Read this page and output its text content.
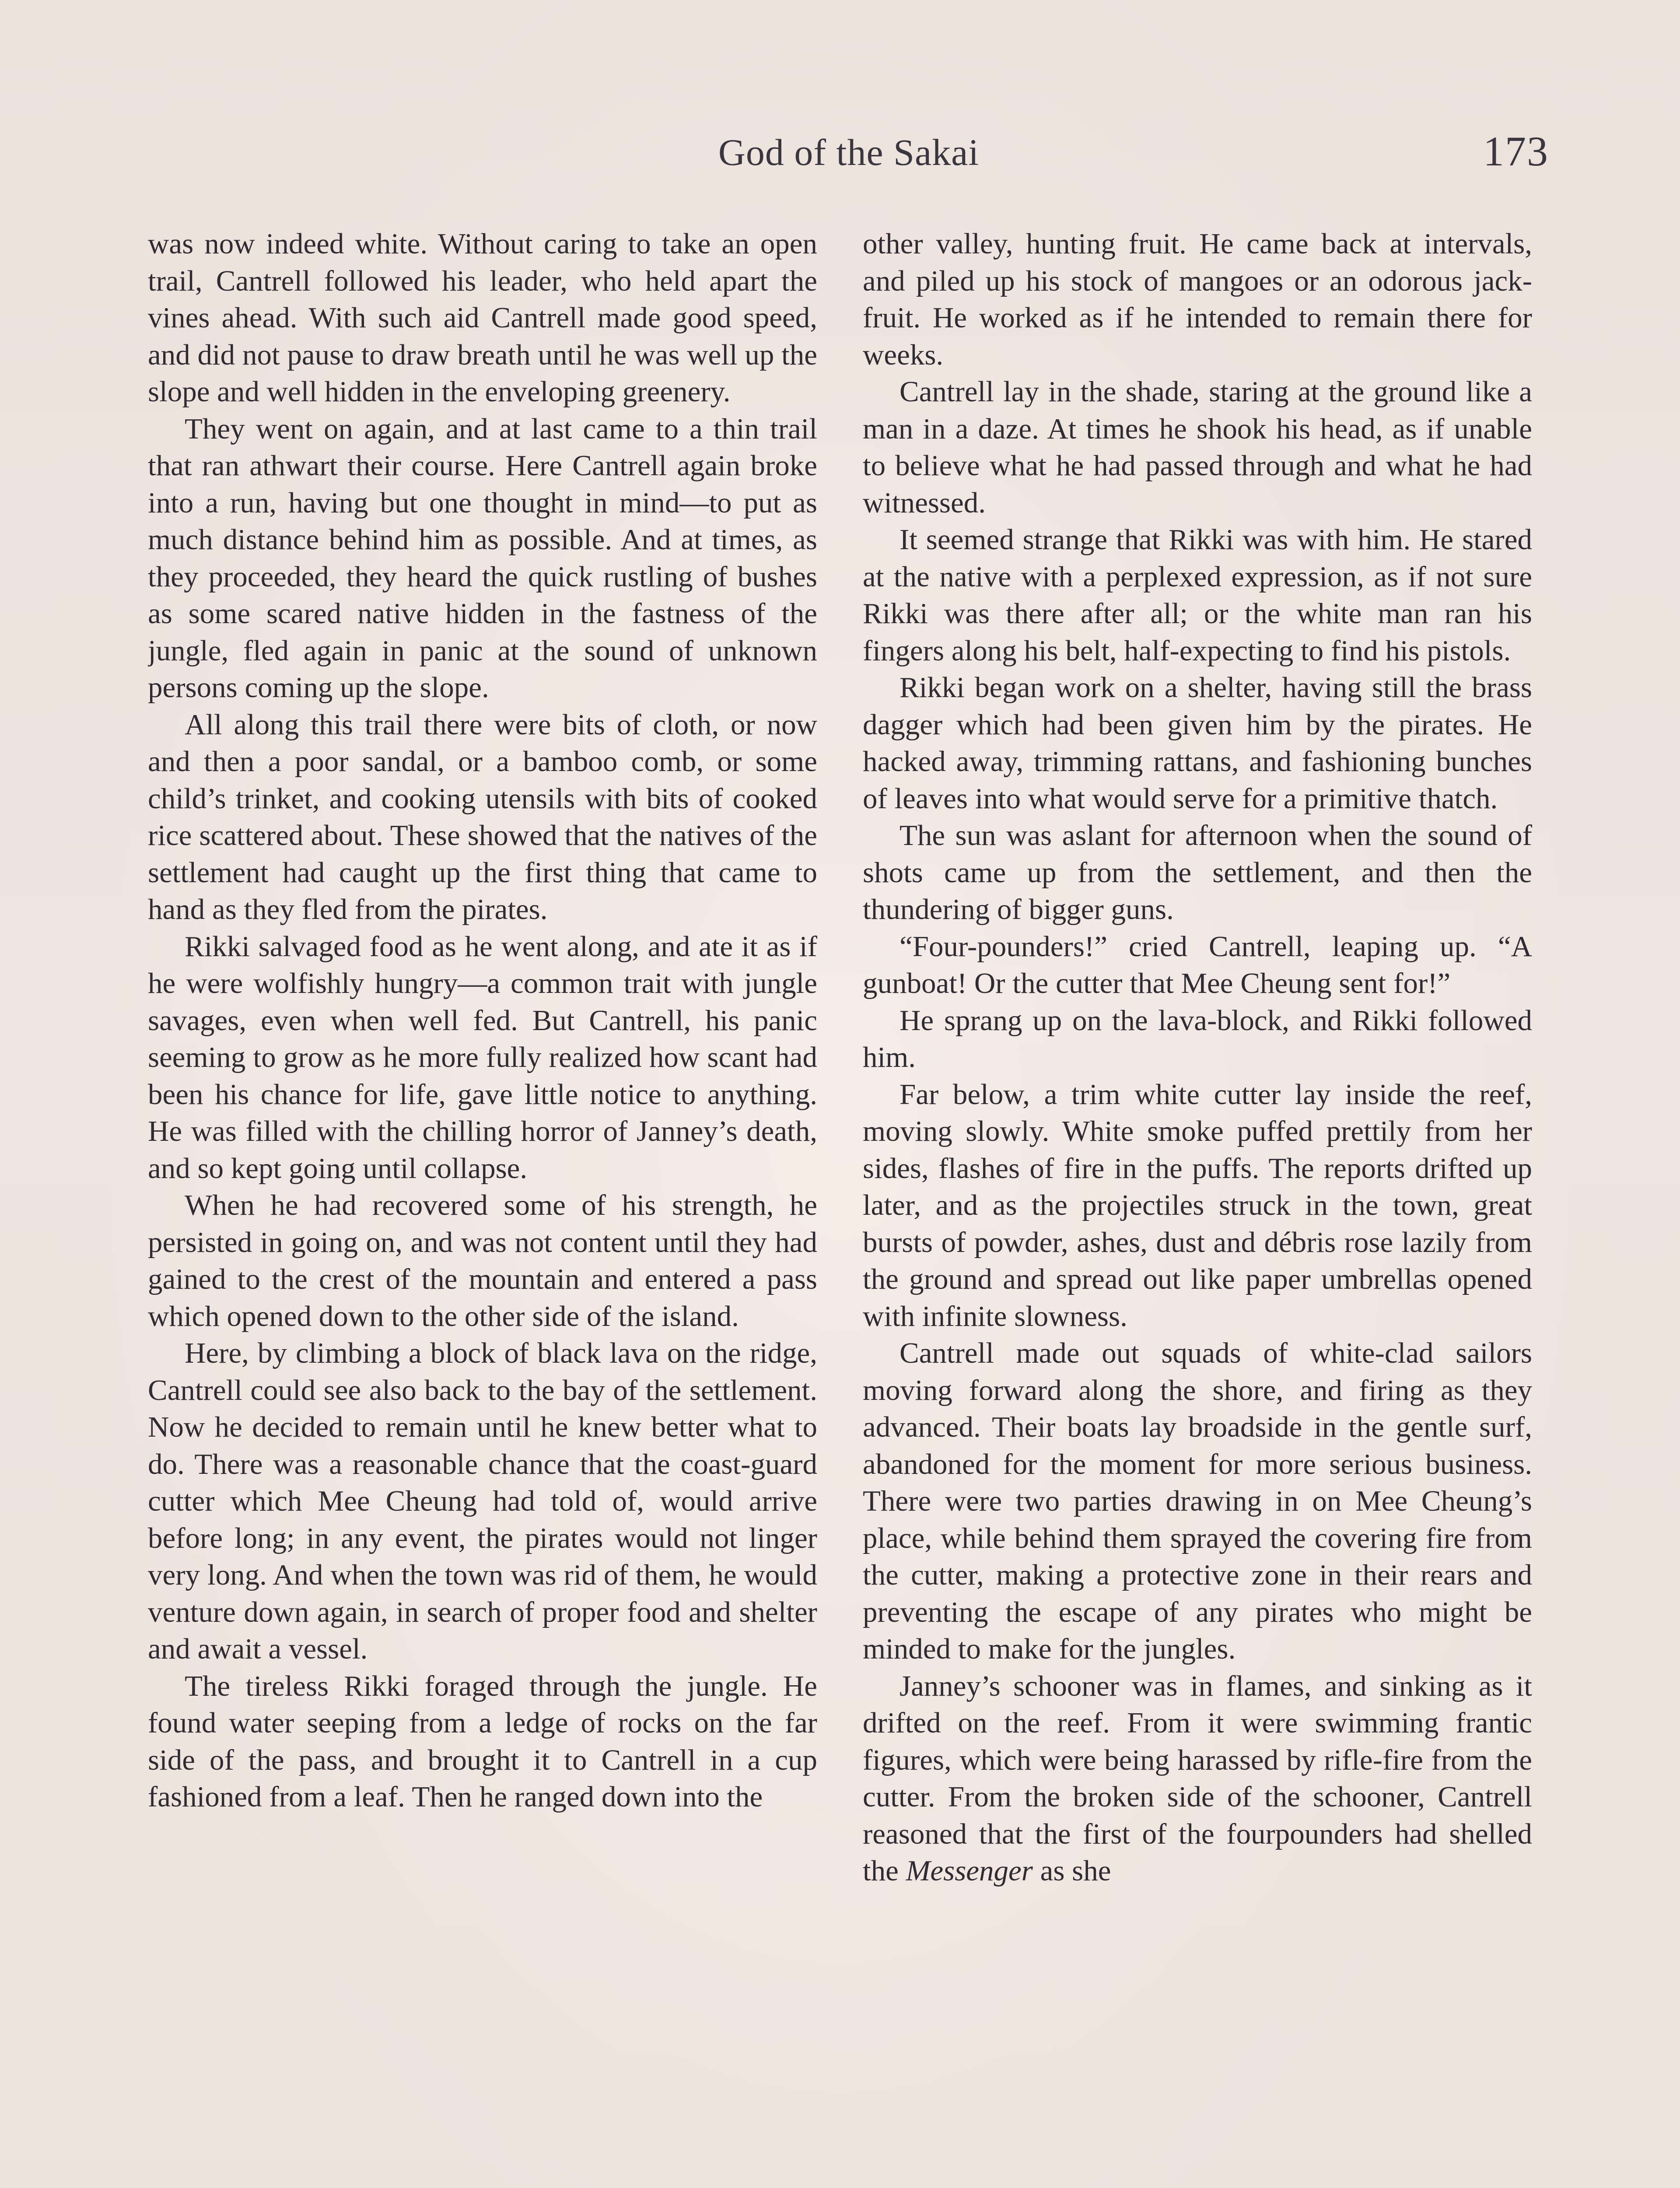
God of the Sakai	173

was now indeed white. Without caring to take an open trail, Cantrell followed his leader, who held apart the vines ahead. With such aid Cantrell made good speed, and did not pause to draw breath until he was well up the slope and well hidden in the enveloping greenery.

They went on again, and at last came to a thin trail that ran athwart their course. Here Cantrell again broke into a run, having but one thought in mind—to put as much distance behind him as possible. And at times, as they proceeded, they heard the quick rustling of bushes as some scared native hidden in the fastness of the jungle, fled again in panic at the sound of unknown persons coming up the slope.

All along this trail there were bits of cloth, or now and then a poor sandal, or a bamboo comb, or some child’s trinket, and cooking utensils with bits of cooked rice scattered about. These showed that the natives of the settlement had caught up the first thing that came to hand as they fled from the pirates.

Rikki salvaged food as he went along, and ate it as if he were wolfishly hungry—a common trait with jungle savages, even when well fed. But Cantrell, his panic seeming to grow as he more fully realized how scant had been his chance for life, gave little notice to anything. He was filled with the chilling horror of Janney’s death, and so kept going until collapse.

When he had recovered some of his strength, he persisted in going on, and was not content until they had gained to the crest of the mountain and entered a pass which opened down to the other side of the island.

Here, by climbing a block of black lava on the ridge, Cantrell could see also back to the bay of the settlement. Now he decided to remain until he knew better what to do. There was a reasonable chance that the coast-guard cutter which Mee Cheung had told of, would arrive before long; in any event, the pirates would not linger very long. And when the town was rid of them, he would venture down again, in search of proper food and shelter and await a vessel.

The tireless Rikki foraged through the jungle. He found water seeping from a ledge of rocks on the far side of the pass, and brought it to Cantrell in a cup fashioned from a leaf. Then he ranged down into the

other valley, hunting fruit. He came back at intervals, and piled up his stock of mangoes or an odorous jack-fruit. He worked as if he intended to remain there for weeks.

Cantrell lay in the shade, staring at the ground like a man in a daze. At times he shook his head, as if unable to believe what he had passed through and what he had witnessed.

It seemed strange that Rikki was with him. He stared at the native with a perplexed expression, as if not sure Rikki was there after all; or the white man ran his fingers along his belt, half-expecting to find his pistols.

Rikki began work on a shelter, having still the brass dagger which had been given him by the pirates. He hacked away, trimming rattans, and fashioning bunches of leaves into what would serve for a primitive thatch.

The sun was aslant for afternoon when the sound of shots came up from the settlement, and then the thundering of bigger guns.

“Four-pounders!” cried Cantrell, leaping up. “A gunboat! Or the cutter that Mee Cheung sent for!”

He sprang up on the lava-block, and Rikki followed him.

Far below, a trim white cutter lay inside the reef, moving slowly. White smoke puffed prettily from her sides, flashes of fire in the puffs. The reports drifted up later, and as the projectiles struck in the town, great bursts of powder, ashes, dust and débris rose lazily from the ground and spread out like paper umbrellas opened with infinite slowness.

Cantrell made out squads of white-clad sailors moving forward along the shore, and firing as they advanced. Their boats lay broadside in the gentle surf, abandoned for the moment for more serious business. There were two parties drawing in on Mee Cheung’s place, while behind them sprayed the covering fire from the cutter, making a protective zone in their rears and preventing the escape of any pirates who might be minded to make for the jungles.

Janney’s schooner was in flames, and sinking as it drifted on the reef. From it were swimming frantic figures, which were being harassed by rifle-fire from the cutter. From the broken side of the schooner, Cantrell reasoned that the first of the fourpounders had shelled the Messenger as she
